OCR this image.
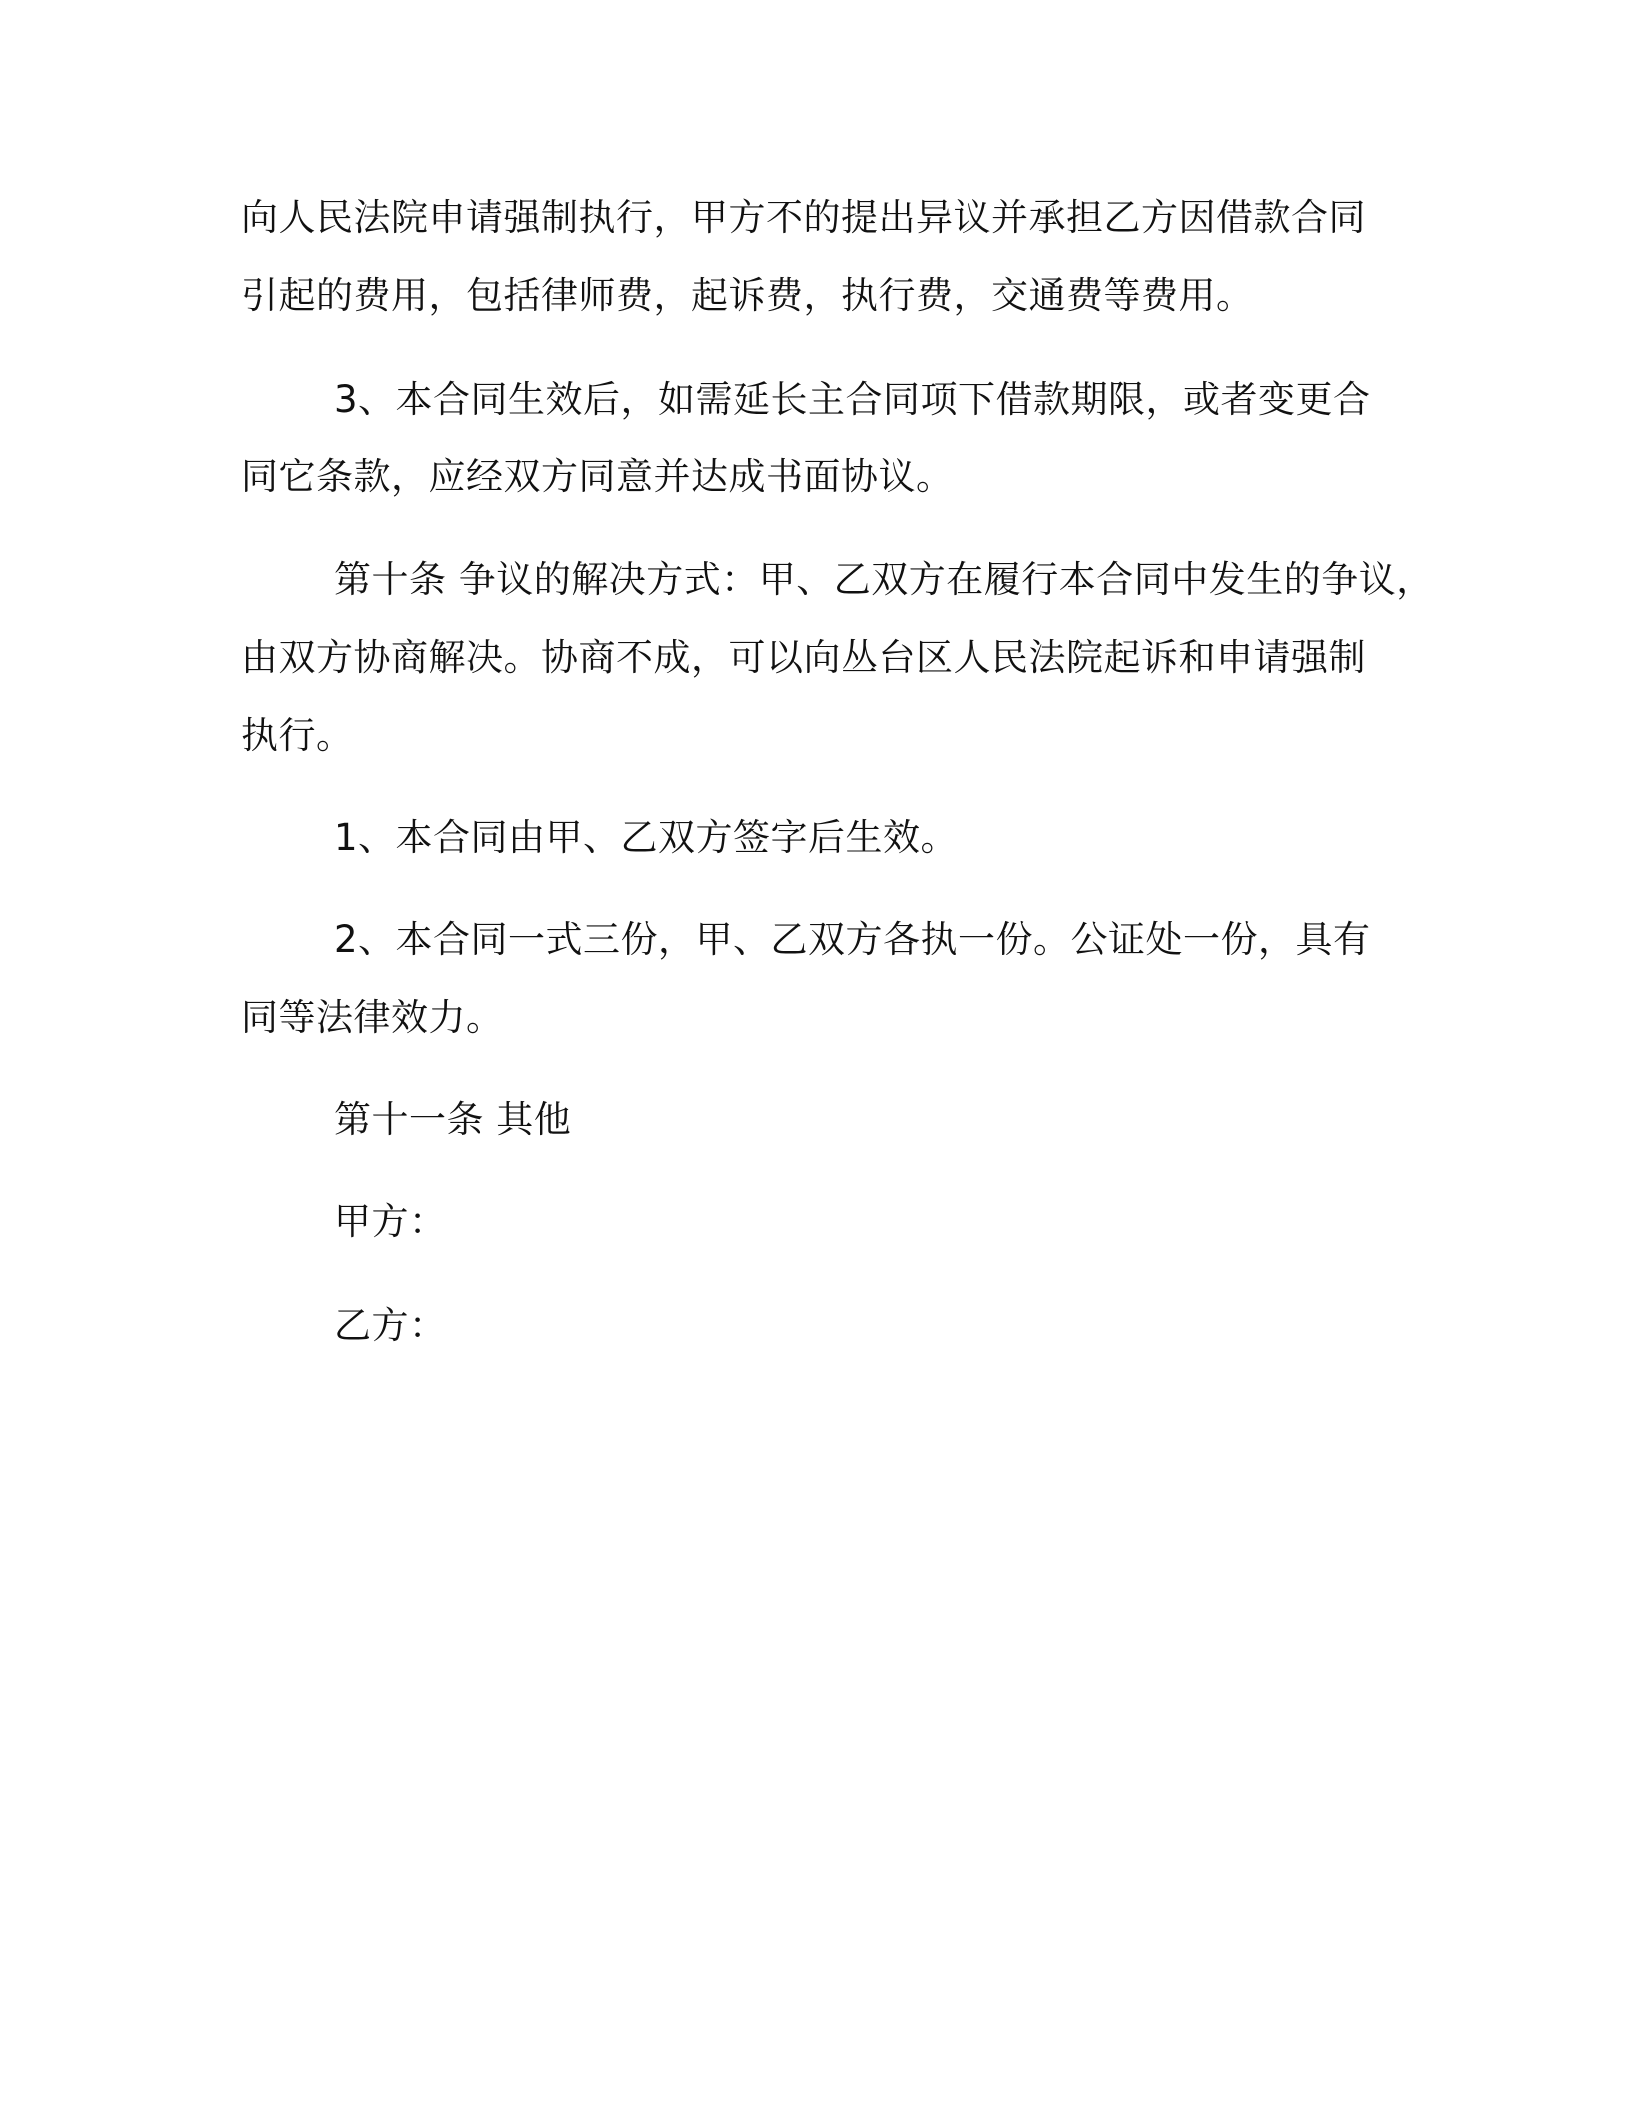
向人民法院申请强制执行，甲方不的提出异议并承担乙方因借款合同
引起的费用，包括律师费，起诉费，执行费，交通费等费用。
3、本合同生效后，如需延长主合同项下借款期限，或者变更合
同它条款，应经双方同意并达成书面协议。
第十条 争议的解决方式：甲、乙双方在履行本合同中发生的争议，
由双方协商解决。协商不成，可以向丛台区人民法院起诉和申请强制
执行。
1、本合同由甲、乙双方签字后生效。
2、本合同一式三份，甲、乙双方各执一份。公证处一份，具有
同等法律效力。
第十一条 其他
甲方：
乙方：
